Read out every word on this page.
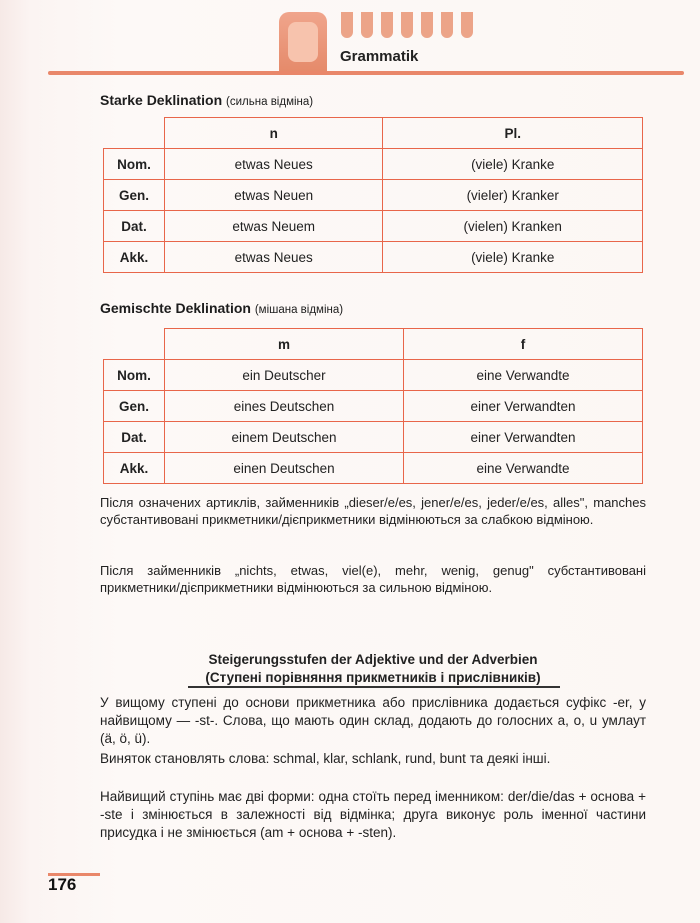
Grammatik
Starke Deklination (сильна відміна)
	n	Pl.
Nom.	etwas Neues	(viele) Kranke
Gen.	etwas Neuen	(vieler) Kranker
Dat.	etwas Neuem	(vielen) Kranken
Akk.	etwas Neues	(viele) Kranke
Gemischte Deklination (мішана відміна)
	m	f
Nom.	ein Deutscher	eine Verwandte
Gen.	eines Deutschen	einer Verwandten
Dat.	einem Deutschen	einer Verwandten
Akk.	einen Deutschen	eine Verwandte
Після означених артиклів, займенників „dieser/e/es, jener/e/es, jeder/e/es, alles", manches субстантивовані прикметники/дієприкметники відмінюються за слабкою відміною.
Після займенників „nichts, etwas, viel(e), mehr, wenig, genug" субстантивовані прикметники/дієприкметники відмінюються за сильною відміною.
Steigerungsstufen der Adjektive und der Adverbien
(Ступені порівняння прикметників і прислівників)
У вищому ступені до основи прикметника або прислівника додається суфікс -er, у найвищому — -st-. Слова, що мають один склад, додають до голосних a, o, u умлаут (ä, ö, ü).
Виняток становлять слова: schmal, klar, schlank, rund, bunt та деякі інші.
Найвищий ступінь має дві форми: одна стоїть перед іменником: der/die/das + основа + -ste і змінюється в залежності від відмінка; друга виконує роль іменної частини присудка і не змінюється (am + основа + -sten).
176
